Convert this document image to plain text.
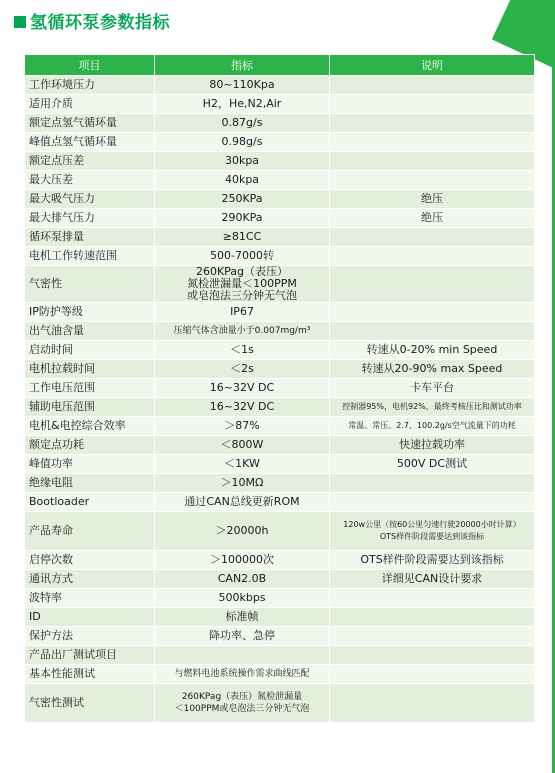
氢循环泵参数指标
项目	指标	说明
工作环境压力	80~110Kpa	
适用介质	H2，He,N2,Air	
额定点氢气循环量	0.87g/s	
峰值点氢气循环量	0.98g/s	
额定点压差	30kpa	
最大压差	40kpa	
最大吸气压力	250KPa	绝压
最大排气压力	290KPa	绝压
循环泵排量	≥81CC	
电机工作转速范围	500-7000转	
气密性	260KPag（表压）
氮检泄漏量＜100PPM
或皂泡法三分钟无气泡	
IP防护等级	IP67	
出气油含量	压缩气体含油量小于0.007mg/m³	
启动时间	＜1s	转速从0-20% min Speed
电机拉载时间	＜2s	转速从20-90% max Speed
工作电压范围	16~32V DC	卡车平台
辅助电压范围	16~32V DC	控制器95%，电机92%，最终考核压比和测试功率
电机&电控综合效率	＞87%	常温、常压、2.7、100.2g/s空气流量下的功耗
额定点功耗	＜800W	快速拉载功率
峰值功率	＜1KW	500V DC测试
绝缘电阻	＞10MΩ	
Bootloader	通过CAN总线更新ROM	
产品寿命	＞20000h	120w公里（按60公里匀速行驶20000小时计算）
OTS样件阶段需要达到该指标
启停次数	＞100000次	OTS样件阶段需要达到该指标
通讯方式	CAN2.0B	详细见CAN设计要求
波特率	500kbps	
ID	标准帧	
保护方法	降功率、急停	
产品出厂测试项目		
基本性能测试	与燃料电池系统操作需求曲线匹配	
气密性测试	260KPag（表压）氮检泄漏量
＜100PPM或皂泡法三分钟无气泡	
